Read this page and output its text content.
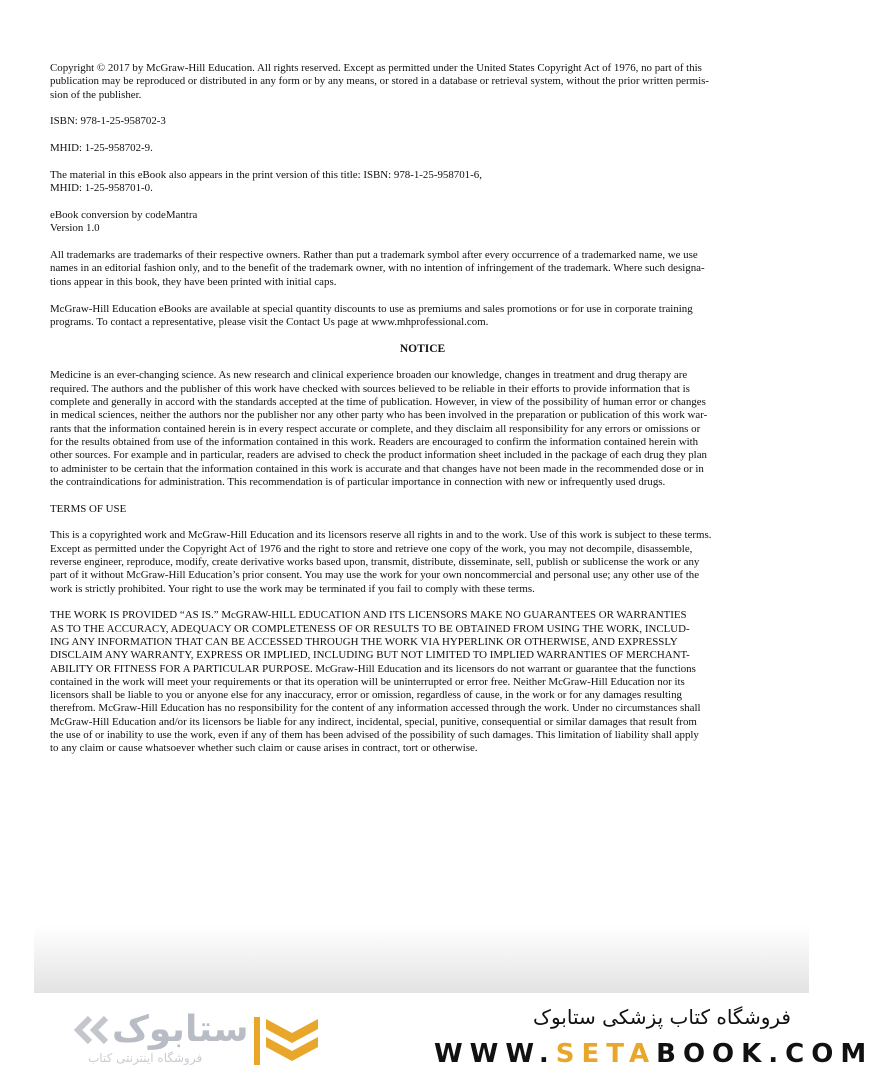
Copyright © 2017 by McGraw-Hill Education. All rights reserved. Except as permitted under the United States Copyright Act of 1976, no part of this
publication may be reproduced or distributed in any form or by any means, or stored in a database or retrieval system, without the prior written permis-
sion of the publisher.

ISBN: 978-1-25-958702-3

MHID: 1-25-958702-9.

The material in this eBook also appears in the print version of this title: ISBN: 978-1-25-958701-6,
MHID: 1-25-958701-0.

eBook conversion by codeMantra
Version 1.0

All trademarks are trademarks of their respective owners. Rather than put a trademark symbol after every occurrence of a trademarked name, we use
names in an editorial fashion only, and to the benefit of the trademark owner, with no intention of infringement of the trademark. Where such designa-
tions appear in this book, they have been printed with initial caps.

McGraw-Hill Education eBooks are available at special quantity discounts to use as premiums and sales promotions or for use in corporate training
programs. To contact a representative, please visit the Contact Us page at www.mhprofessional.com.

NOTICE

Medicine is an ever-changing science. As new research and clinical experience broaden our knowledge, changes in treatment and drug therapy are
required. The authors and the publisher of this work have checked with sources believed to be reliable in their efforts to provide information that is
complete and generally in accord with the standards accepted at the time of publication. However, in view of the possibility of human error or changes
in medical sciences, neither the authors nor the publisher nor any other party who has been involved in the preparation or publication of this work war-
rants that the information contained herein is in every respect accurate or complete, and they disclaim all responsibility for any errors or omissions or
for the results obtained from use of the information contained in this work. Readers are encouraged to confirm the information contained herein with
other sources. For example and in particular, readers are advised to check the product information sheet included in the package of each drug they plan
to administer to be certain that the information contained in this work is accurate and that changes have not been made in the recommended dose or in
the contraindications for administration. This recommendation is of particular importance in connection with new or infrequently used drugs.

TERMS OF USE

This is a copyrighted work and McGraw-Hill Education and its licensors reserve all rights in and to the work. Use of this work is subject to these terms.
Except as permitted under the Copyright Act of 1976 and the right to store and retrieve one copy of the work, you may not decompile, disassemble,
reverse engineer, reproduce, modify, create derivative works based upon, transmit, distribute, disseminate, sell, publish or sublicense the work or any
part of it without McGraw-Hill Education’s prior consent. You may use the work for your own noncommercial and personal use; any other use of the
work is strictly prohibited. Your right to use the work may be terminated if you fail to comply with these terms.

THE WORK IS PROVIDED “AS IS.” McGRAW-HILL EDUCATION AND ITS LICENSORS MAKE NO GUARANTEES OR WARRANTIES
AS TO THE ACCURACY, ADEQUACY OR COMPLETENESS OF OR RESULTS TO BE OBTAINED FROM USING THE WORK, INCLUD-
ING ANY INFORMATION THAT CAN BE ACCESSED THROUGH THE WORK VIA HYPERLINK OR OTHERWISE, AND EXPRESSLY
DISCLAIM ANY WARRANTY, EXPRESS OR IMPLIED, INCLUDING BUT NOT LIMITED TO IMPLIED WARRANTIES OF MERCHANT-
ABILITY OR FITNESS FOR A PARTICULAR PURPOSE. McGraw-Hill Education and its licensors do not warrant or guarantee that the functions
contained in the work will meet your requirements or that its operation will be uninterrupted or error free. Neither McGraw-Hill Education nor its
licensors shall be liable to you or anyone else for any inaccuracy, error or omission, regardless of cause, in the work or for any damages resulting
therefrom. McGraw-Hill Education has no responsibility for the content of any information accessed through the work. Under no circumstances shall
McGraw-Hill Education and/or its licensors be liable for any indirect, incidental, special, punitive, consequential or similar damages that result from
the use of or inability to use the work, even if any of them has been advised of the possibility of such damages. This limitation of liability shall apply
to any claim or cause whatsoever whether such claim or cause arises in contract, tort or otherwise.

ستابوک
فروشگاه اینترنتی کتاب
فروشگاه کتاب پزشکی ستابوک
WWW.SETABOOK.COM
